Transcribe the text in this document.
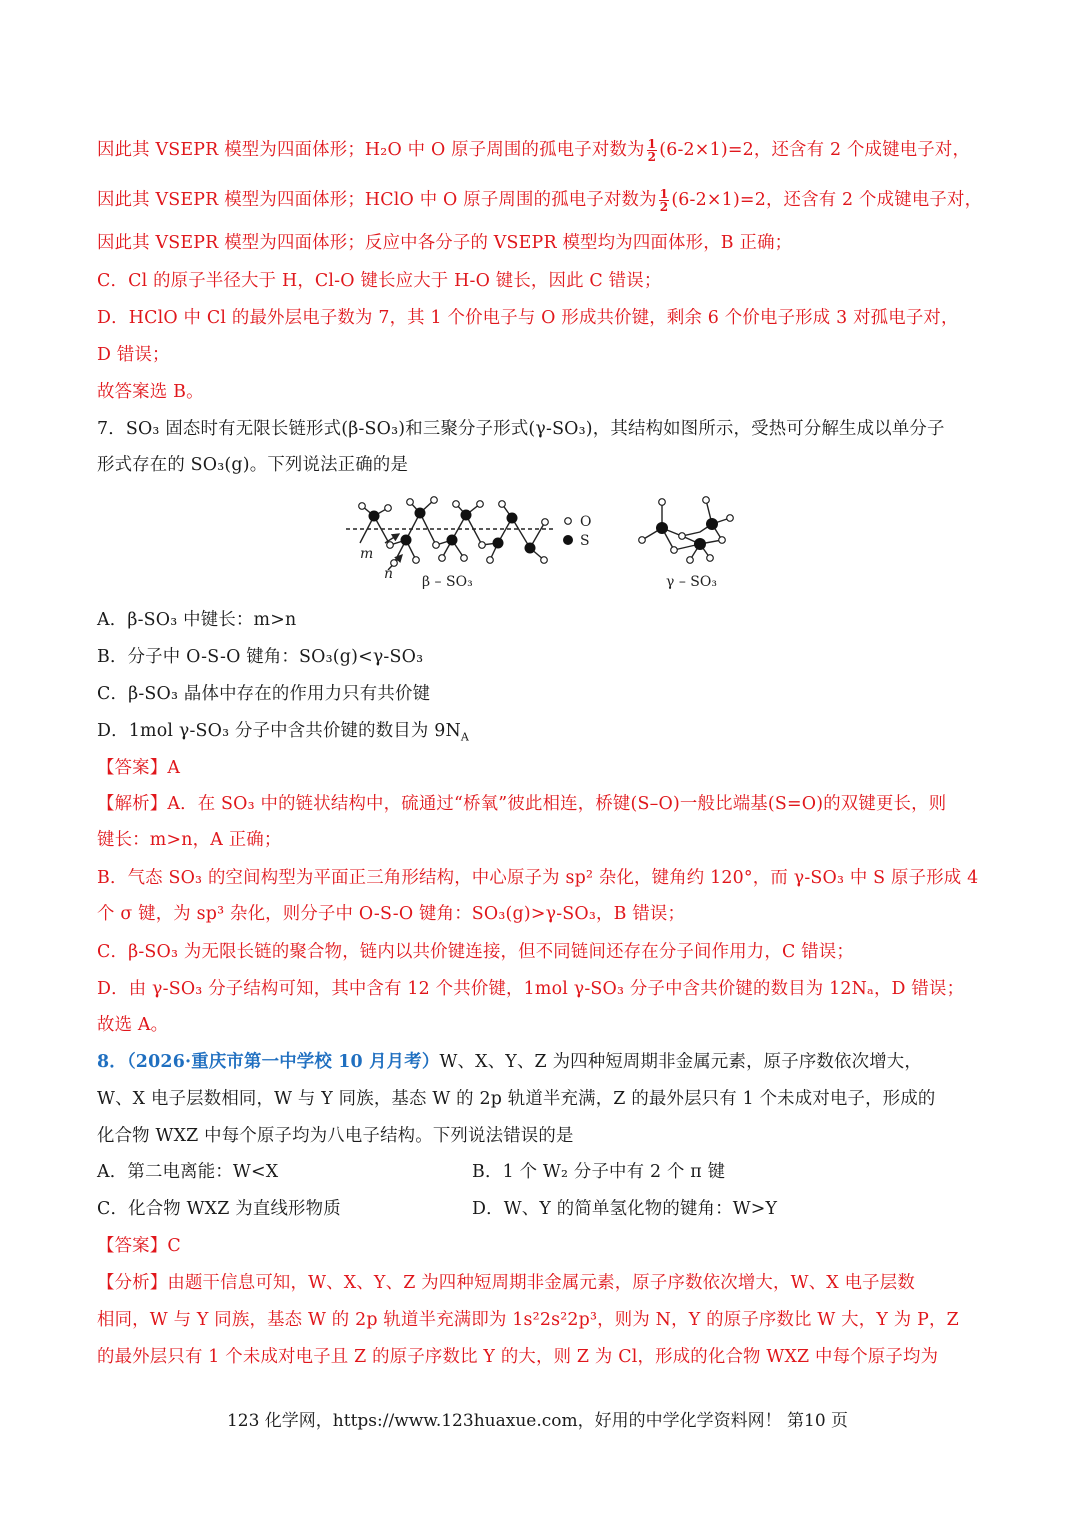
因此其 VSEPR 模型为四面体形；H₂O 中 O 原子周围的孤电子对数为 $\frac{1}{2} (6-2\times 1)=2$，还含有 2 个成键电子对，
因此其 VSEPR 模型为四面体形；HClO 中 O 原子周围的孤电子对数为 $\frac{1}{2} (6-2\times 1)=2$，还含有 2 个成键电子对，
因此其 VSEPR 模型为四面体形；反应中各分子的 VSEPR 模型均为四面体形，B 正确；
C．Cl 的原子半径大于 H，Cl-O 键长应大于 H-O 键长，因此 C 错误；
D．HClO 中 Cl 的最外层电子数为 7，其 1 个价电子与 O 形成共价键，剩余 6 个价电子形成 3 对孤电子对，
D 错误；
故答案选 B。
7．SO₃ 固态时有无限长链形式(β-SO₃)和三聚分子形式(γ-SO₃)，其结构如图所示，受热可分解生成以单分子
形式存在的 SO₃(g)。下列说法正确的是
m
n β – SO₃
O
S
γ – SO₃
A．β-SO₃ 中键长：m>n
B．分子中 O-S-O 键角：SO₃(g)<γ-SO₃
C．β-SO₃ 晶体中存在的作用力只有共价键
D．1mol γ-SO₃ 分子中含共价键的数目为 $9N_A$
【答案】A
【解析】A．在 SO₃ 中的链状结构中，硫通过“桥氧”彼此相连，桥键(S–O)一般比端基(S=O)的双键更长，则
键长：m>n，A 正确；
B．气态 SO₃ 的空间构型为平面正三角形结构，中心原子为 sp² 杂化，键角约 120°，而 γ-SO₃ 中 S 原子形成 4
个 σ 键，为 sp³ 杂化，则分子中 O-S-O 键角：SO₃(g)>γ-SO₃，B 错误；
C．β-SO₃ 为无限长链的聚合物，链内以共价键连接，但不同链间还存在分子间作用力，C 错误；
D．由 γ-SO₃ 分子结构可知，其中含有 12 个共价键，1mol γ-SO₃ 分子中含共价键的数目为 12Nₐ，D 错误；
故选 A。
8．（2026·重庆市第一中学校 10 月月考）W、X、Y、Z 为四种短周期非金属元素，原子序数依次增大，
W、X 电子层数相同，W 与 Y 同族，基态 W 的 2p 轨道半充满，Z 的最外层只有 1 个未成对电子，形成的
化合物 WXZ 中每个原子均为八电子结构。下列说法错误的是
A．第二电离能：W<X	B．1 个 W₂ 分子中有 2 个 π 键
C．化合物 WXZ 为直线形物质	D．W、Y 的简单氢化物的键角：W>Y
【答案】C
【分析】由题干信息可知，W、X、Y、Z 为四种短周期非金属元素，原子序数依次增大，W、X 电子层数
相同，W 与 Y 同族，基态 W 的 2p 轨道半充满即为 1s²2s²2p³，则为 N，Y 的原子序数比 W 大，Y 为 P，Z
的最外层只有 1 个未成对电子且 Z 的原子序数比 Y 的大，则 Z 为 Cl，形成的化合物 WXZ 中每个原子均为
123 化学网，https://www.123huaxue.com，好用的中学化学资料网！ 第10 页
